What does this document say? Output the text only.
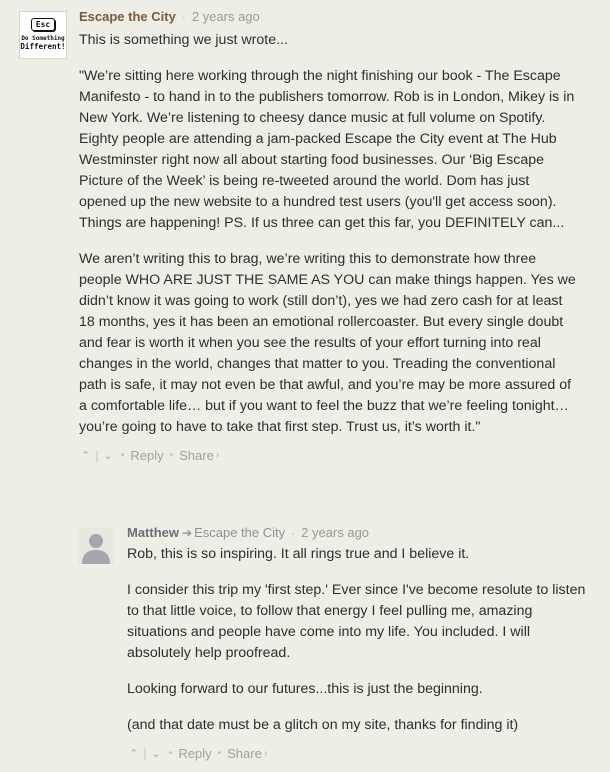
Esc
Do Something
Different!
Escape the City · 2 years ago

This is something we just wrote...

"We’re sitting here working through the night finishing our book - The Escape Manifesto - to hand in to the publishers tomorrow. Rob is in London, Mikey is in New York. We’re listening to cheesy dance music at full volume on Spotify. Eighty people are attending a jam-packed Escape the City event at The Hub Westminster right now all about starting food businesses. Our ‘Big Escape Picture of the Week’ is being re-tweeted around the world. Dom has just opened up the new website to a hundred test users (you'll get access soon). Things are happening! PS. If us three can get this far, you DEFINITELY can...

We aren’t writing this to brag, we’re writing this to demonstrate how three people WHO ARE JUST THE SAME AS YOU can make things happen. Yes we didn’t know it was going to work (still don’t), yes we had zero cash for at least 18 months, yes it has been an emotional rollercoaster. But every single doubt and fear is worth it when you see the results of your effort turning into real changes in the world, changes that matter to you. Treading the conventional path is safe, it may not even be that awful, and you’re may be more assured of a comfortable life… but if you want to feel the buzz that we’re feeling tonight… you’re going to have to take that first step. Trust us, it’s worth it."

⌃ | ⌄ • Reply • Share ›
Matthew ➔ Escape the City · 2 years ago

Rob, this is so inspiring. It all rings true and I believe it.

I consider this trip my 'first step.' Ever since I've become resolute to listen to that little voice, to follow that energy I feel pulling me, amazing situations and people have come into my life. You included. I will absolutely help proofread.

Looking forward to our futures...this is just the beginning.

(and that date must be a glitch on my site, thanks for finding it)

⌃ | ⌄ • Reply • Share ›
